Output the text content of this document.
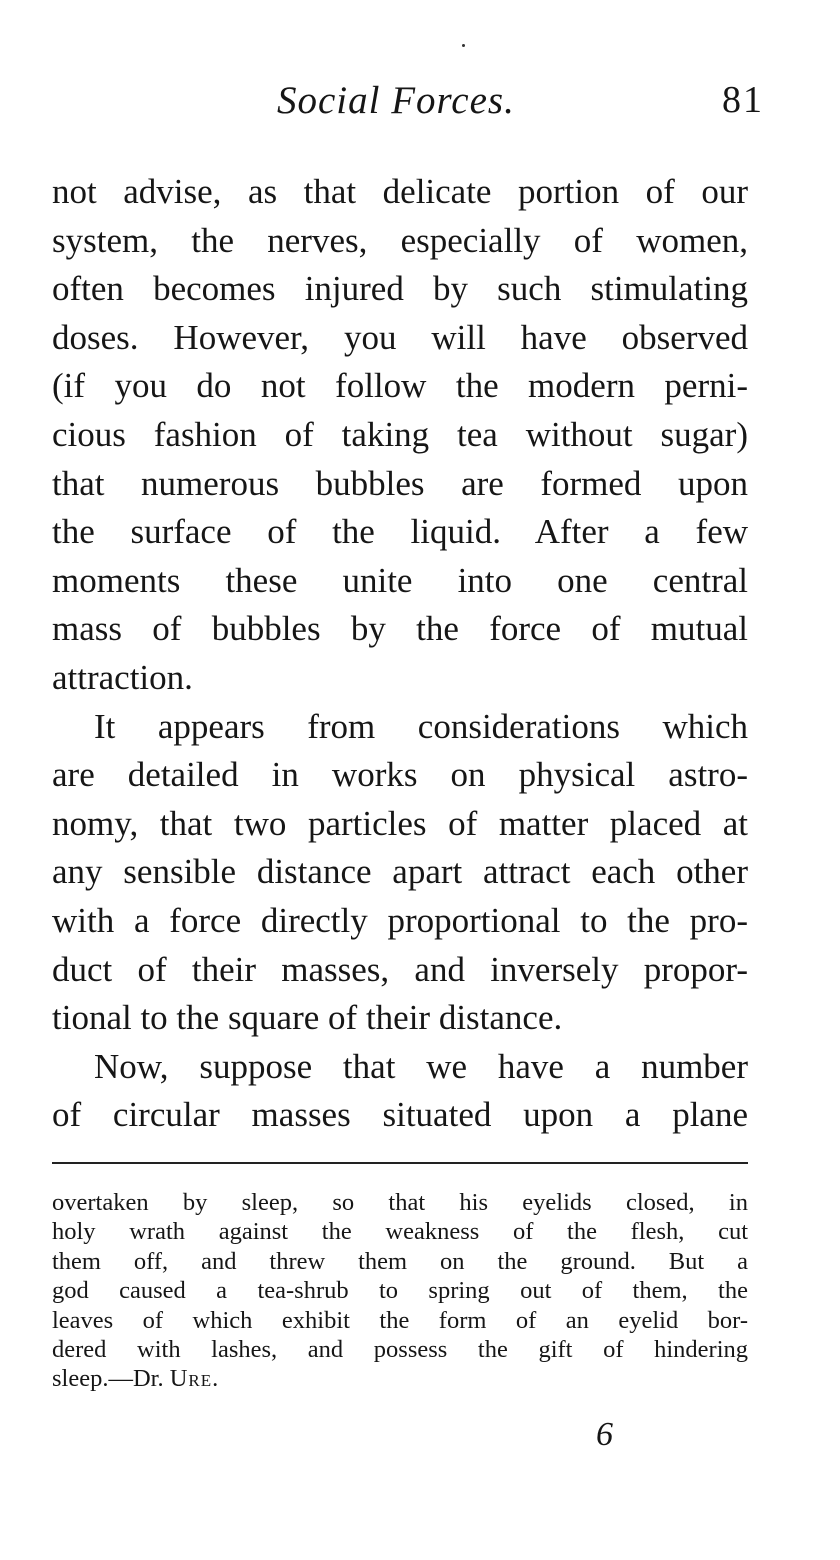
Social Forces.	81

not advise, as that delicate portion of our
system, the nerves, especially of women,
often becomes injured by such stimulating
doses. However, you will have observed
(if you do not follow the modern perni-
cious fashion of taking tea without sugar)
that numerous bubbles are formed upon
the surface of the liquid. After a few
moments these unite into one central
mass of bubbles by the force of mutual
attraction.

It appears from considerations which
are detailed in works on physical astro-
nomy, that two particles of matter placed at
any sensible distance apart attract each other
with a force directly proportional to the pro-
duct of their masses, and inversely propor-
tional to the square of their distance.

Now, suppose that we have a number
of circular masses situated upon a plane

overtaken by sleep, so that his eyelids closed, in
holy wrath against the weakness of the flesh, cut
them off, and threw them on the ground. But a
god caused a tea-shrub to spring out of them, the
leaves of which exhibit the form of an eyelid bor-
dered with lashes, and possess the gift of hindering
sleep.—Dr. Ure.
6
